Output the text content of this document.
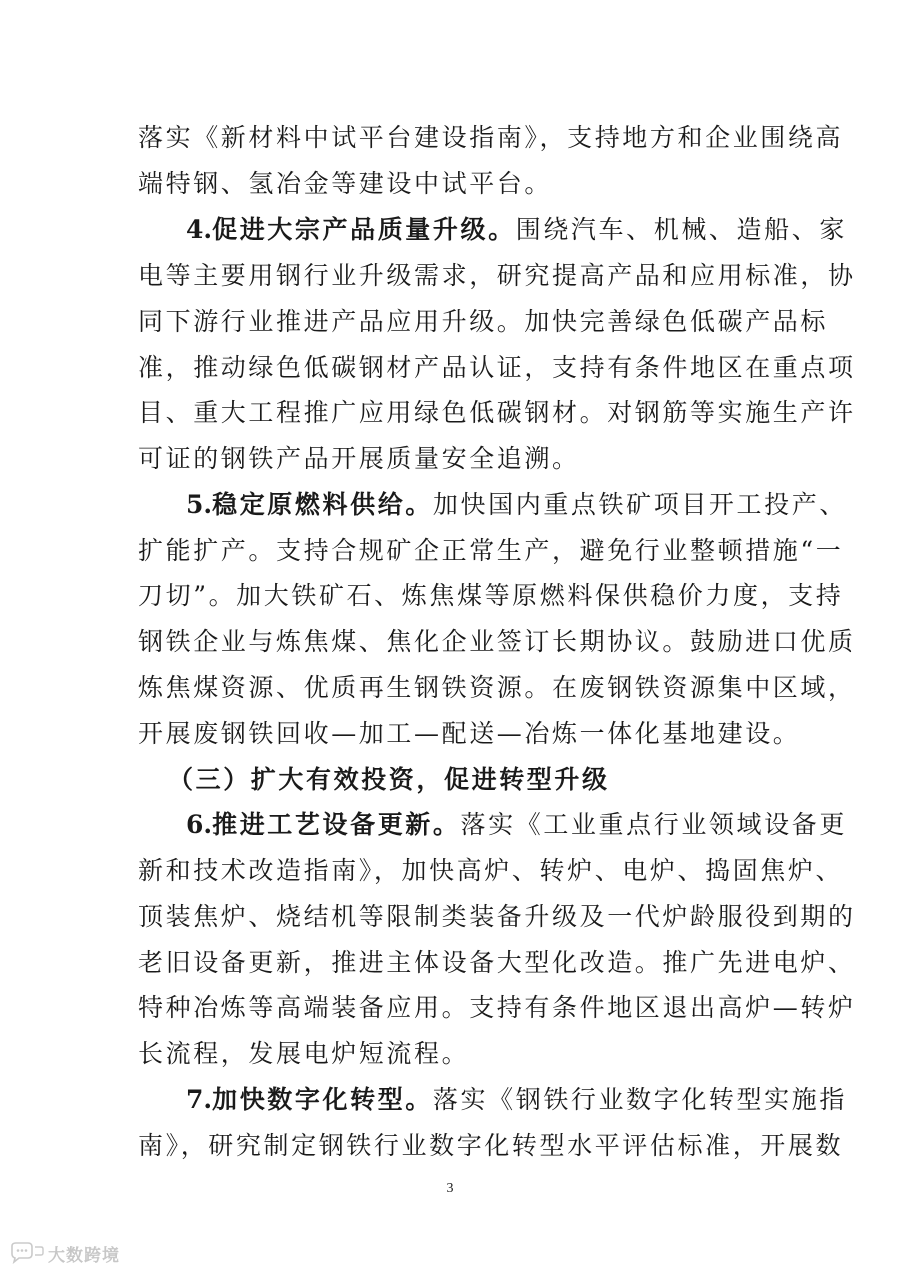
落实《新材料中试平台建设指南》，支持地方和企业围绕高
端特钢、氢冶金等建设中试平台。
4.促进大宗产品质量升级。围绕汽车、机械、造船、家
电等主要用钢行业升级需求，研究提高产品和应用标准，协
同下游行业推进产品应用升级。加快完善绿色低碳产品标
准，推动绿色低碳钢材产品认证，支持有条件地区在重点项
目、重大工程推广应用绿色低碳钢材。对钢筋等实施生产许
可证的钢铁产品开展质量安全追溯。
5.稳定原燃料供给。加快国内重点铁矿项目开工投产、
扩能扩产。支持合规矿企正常生产，避免行业整顿措施“一
刀切”。加大铁矿石、炼焦煤等原燃料保供稳价力度，支持
钢铁企业与炼焦煤、焦化企业签订长期协议。鼓励进口优质
炼焦煤资源、优质再生钢铁资源。在废钢铁资源集中区域，
开展废钢铁回收—加工—配送—冶炼一体化基地建设。
（三）扩大有效投资，促进转型升级
6.推进工艺设备更新。落实《工业重点行业领域设备更
新和技术改造指南》，加快高炉、转炉、电炉、捣固焦炉、
顶装焦炉、烧结机等限制类装备升级及一代炉龄服役到期的
老旧设备更新，推进主体设备大型化改造。推广先进电炉、
特种冶炼等高端装备应用。支持有条件地区退出高炉—转炉
长流程，发展电炉短流程。
7.加快数字化转型。落实《钢铁行业数字化转型实施指
南》，研究制定钢铁行业数字化转型水平评估标准，开展数
3
大数跨境
